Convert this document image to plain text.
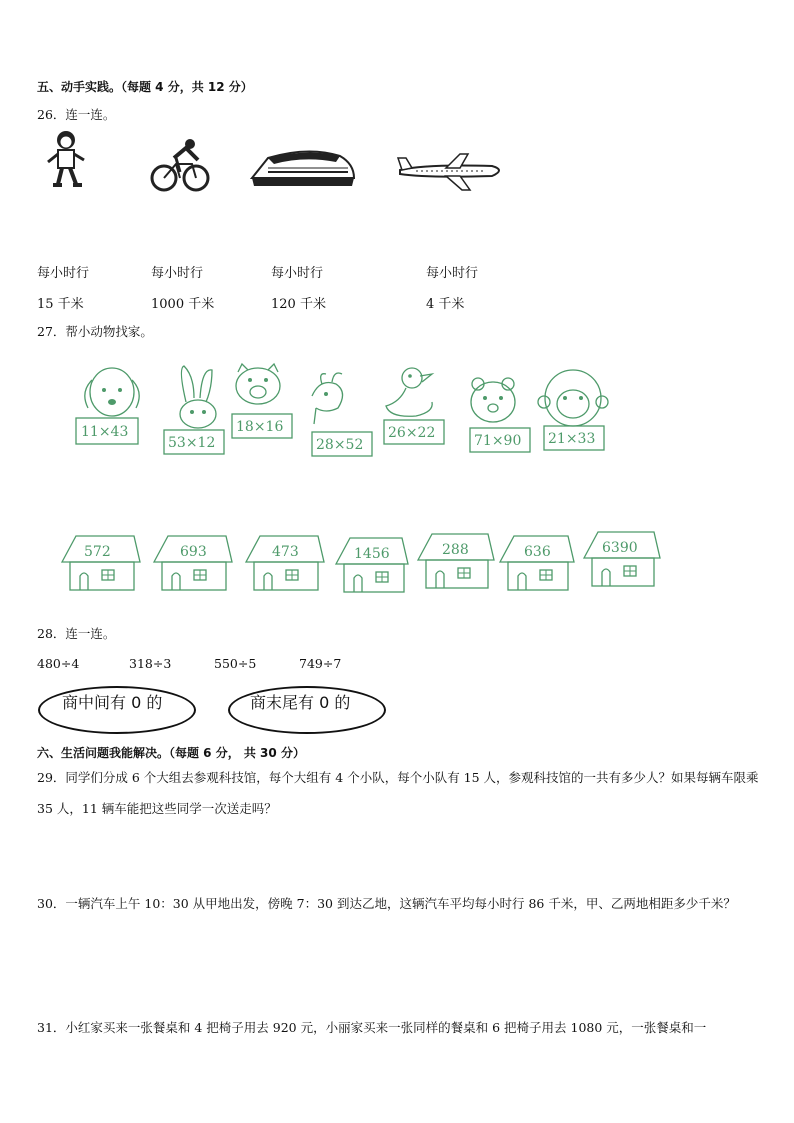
五、动手实践。（每题 4 分，共 12 分）
26．连一连。
每小时行
15 千米
每小时行
1000 千米
每小时行
120 千米
每小时行
4 千米
27．帮小动物找家。
11×43
53×12
18×16
28×52
26×22	71×90 21×33
572	693	473	1456	288	636	6390
28．连一连。
480÷4	318÷3	550÷5	749÷7
商中间有 0 的	商末尾有 0 的
六、生活问题我能解决。（每题 6 分， 共 30 分）
29．同学们分成 6 个大组去参观科技馆，每个大组有 4 个小队，每个小队有 15 人，参观科技馆的一共有多少人？如果每辆车限乘 35 人，11 辆车能把这些同学一次送走吗？
30．一辆汽车上午 10：30 从甲地出发，傍晚 7：30 到达乙地，这辆汽车平均每小时行 86 千米，甲、乙两地相距多少千米？
31．小红家买来一张餐桌和 4 把椅子用去 920 元，小丽家买来一张同样的餐桌和 6 把椅子用去 1080 元，一张餐桌和一
